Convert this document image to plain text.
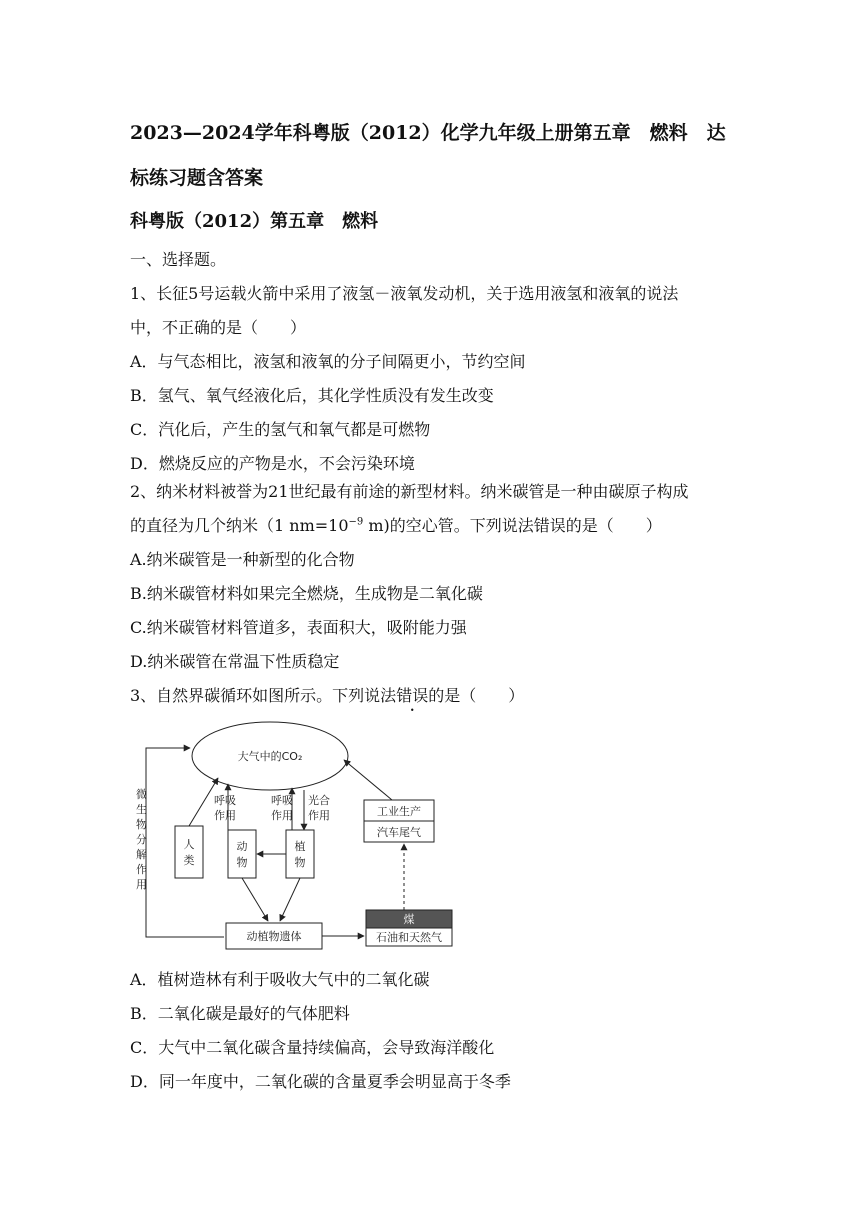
2023—2024学年科粤版（2012）化学九年级上册第五章　燃料　达
标练习题含答案
科粤版（2012）第五章　燃料
一、选择题。
1、长征5号运载火箭中采用了液氢－液氧发动机，关于选用液氢和液氧的说法
中，不正确的是（　　）
A．与气态相比，液氢和液氧的分子间隔更小，节约空间
B．氢气、氧气经液化后，其化学性质没有发生改变
C．汽化后，产生的氢气和氧气都是可燃物
D．燃烧反应的产物是水，不会污染环境
2、纳米材料被誉为21世纪最有前途的新型材料。纳米碳管是一种由碳原子构成
的直径为几个纳米（1 $nm=10^{-9}$ m)的空心管。下列说法错误的是（　　）
A.纳米碳管是一种新型的化合物
B.纳米碳管材料如果完全燃烧，生成物是二氧化碳
C.纳米碳管材料管道多，表面积大，吸附能力强
D.纳米碳管在常温下性质稳定
3、自然界碳循环如图所示。下列说法错误的是（　　）
大气中的CO₂
微
生
物
分
解
作
用
人
类
动
物
呼吸
作用
植
物
呼吸
作用
光合
作用
动植物遗体
煤
石油和天然气
工业生产
汽车尾气
A．植树造林有利于吸收大气中的二氧化碳
B．二氧化碳是最好的气体肥料
C．大气中二氧化碳含量持续偏高，会导致海洋酸化
D．同一年度中，二氧化碳的含量夏季会明显高于冬季
